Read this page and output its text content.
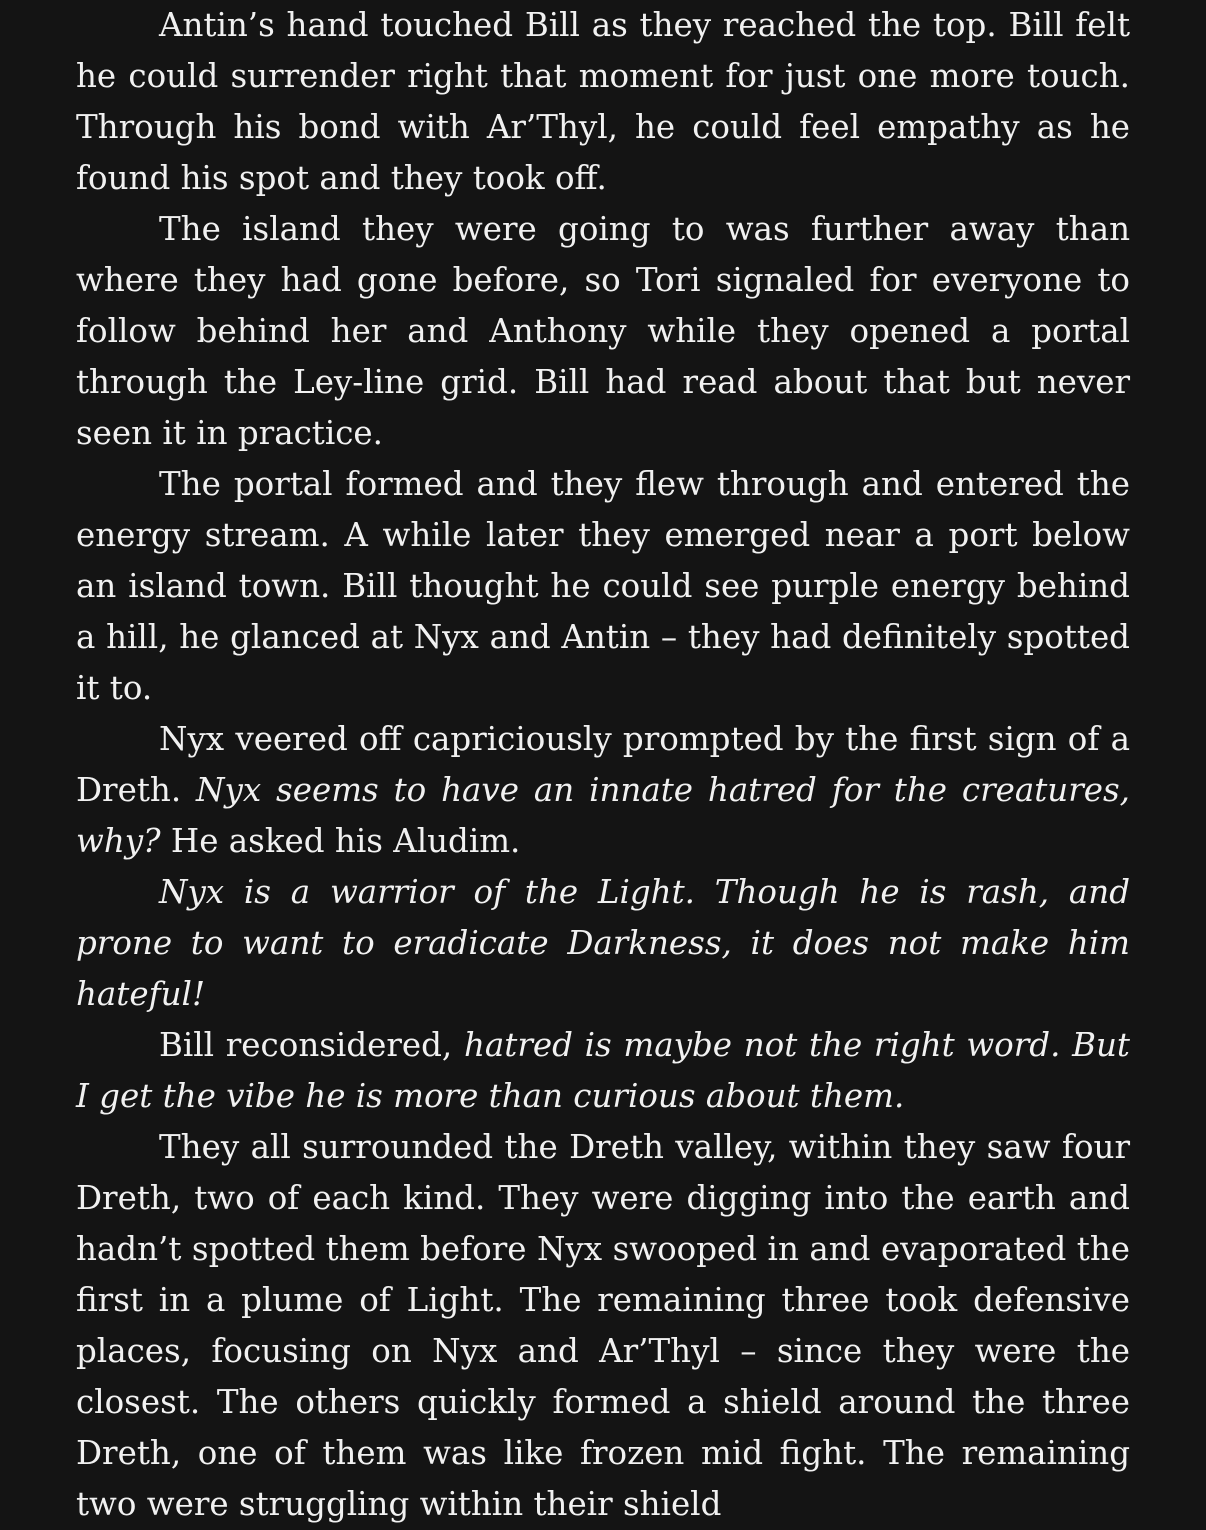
Antin’s hand touched Bill as they reached the top. Bill felt he could surrender right that moment for just one more touch. Through his bond with Ar’Thyl, he could feel empathy as he found his spot and they took off.

The island they were going to was further away than where they had gone before, so Tori signaled for everyone to follow behind her and Anthony while they opened a portal through the Ley-line grid. Bill had read about that but never seen it in practice.

The portal formed and they flew through and entered the energy stream. A while later they emerged near a port below an island town. Bill thought he could see purple energy behind a hill, he glanced at Nyx and Antin – they had definitely spotted it to.

Nyx veered off capriciously prompted by the first sign of a Dreth. Nyx seems to have an innate hatred for the creatures, why? He asked his Aludim.

Nyx is a warrior of the Light. Though he is rash, and prone to want to eradicate Darkness, it does not make him hateful!

Bill reconsidered, hatred is maybe not the right word. But I get the vibe he is more than curious about them.

They all surrounded the Dreth valley, within they saw four Dreth, two of each kind. They were digging into the earth and hadn’t spotted them before Nyx swooped in and evaporated the first in a plume of Light. The remaining three took defensive places, focusing on Nyx and Ar’Thyl – since they were the closest. The others quickly formed a shield around the three Dreth, one of them was like frozen mid fight. The remaining two were struggling within their shield
